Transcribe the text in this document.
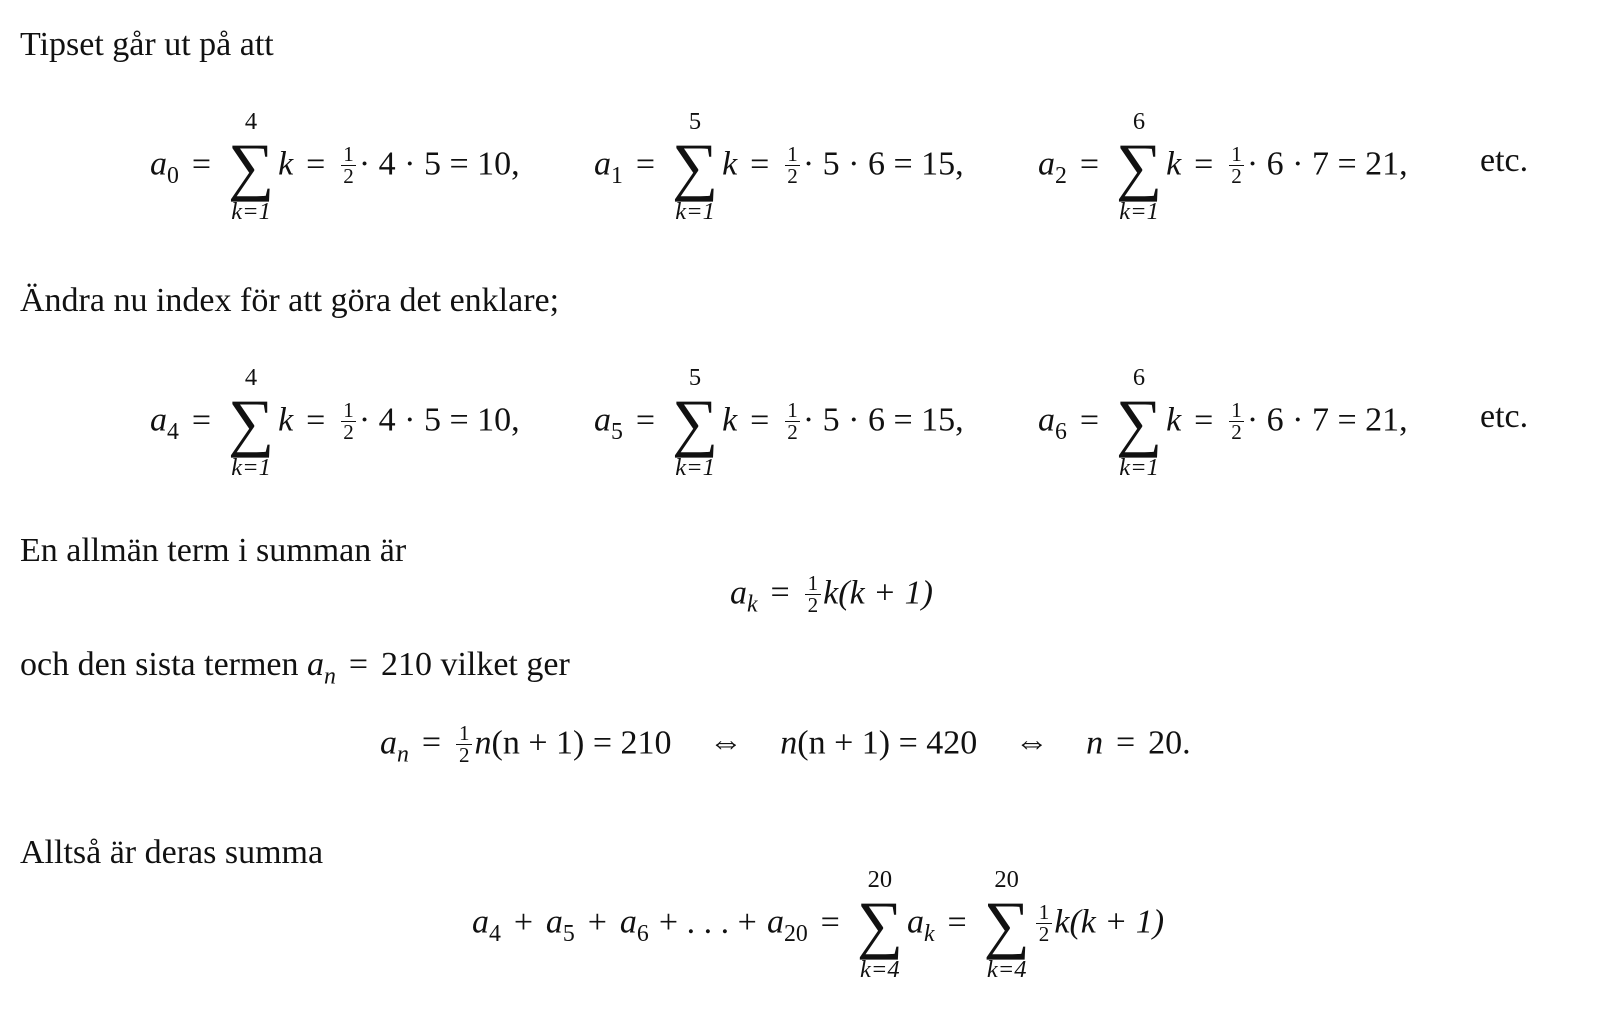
Tipset går ut på att
$a_0$ =
4
∑
k=1
$k = \frac{1}{2} \cdot 4 \cdot 5 = 10$, $a_1$ =
5
∑
k=1
$k = \frac{1}{2} \cdot 5 \cdot 6 = 15$, $a_2$ =
6
∑
k=1
$k = \frac{1}{2} \cdot 6 \cdot 7 = 21$, etc.
Ändra nu index för att göra det enklare;
$a_4$ =
4
∑
k=1
$k = \frac{1}{2} \cdot 4 \cdot 5 = 10$, $a_5$ =
5
∑
k=1
$k = \frac{1}{2} \cdot 5 \cdot 6 = 15$, $a_6$ =
6
∑
k=1
$k = \frac{1}{2} \cdot 6 \cdot 7 = 21$, etc.
En allmän term i summan är
$a_k = \frac{1}{2} k(k + 1)$
och den sista termen $a_n = 210$ vilket ger
$a_n = \frac{1}{2} n(n + 1) = 210$ ⇔ n(n + 1) = 420 ⇔ n = 20.
Alltså är deras summa
$a_4 + a_5 + a_6$ + . . . + $a_{20}$ =
20
∑
k=4
$a_k$ =
20
∑
k=4
$\frac{1}{2} k(k + 1)$
